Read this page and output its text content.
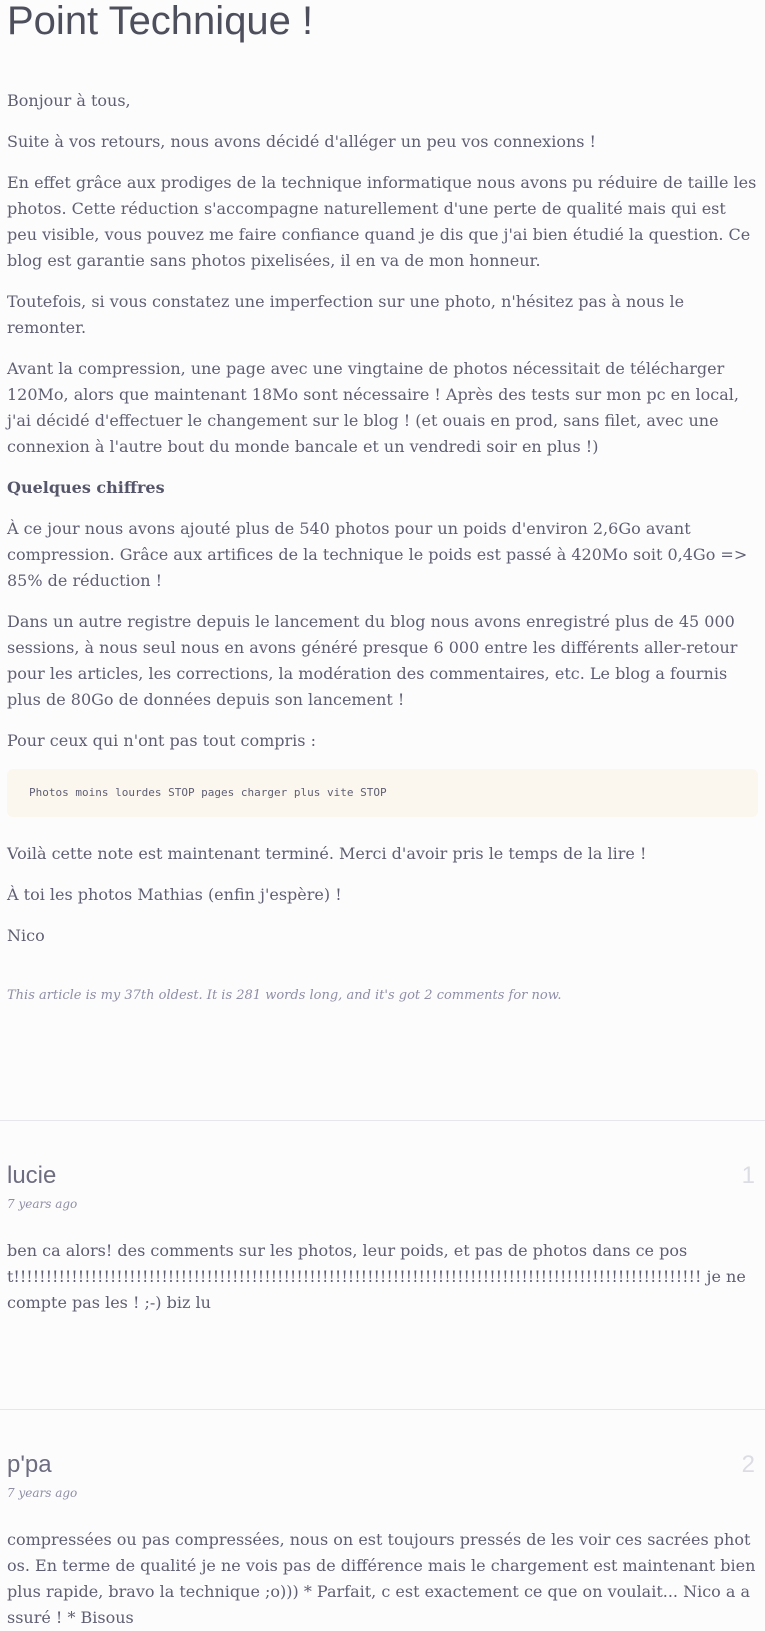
Point Technique !

Bonjour à tous,

Suite à vos retours, nous avons décidé d'alléger un peu vos connexions !

En effet grâce aux prodiges de la technique informatique nous avons pu réduire de taille les photos. Cette réduction s'accompagne naturellement d'une perte de qualité mais qui est peu visible, vous pouvez me faire confiance quand je dis que j'ai bien étudié la question. Ce blog est garantie sans photos pixelisées, il en va de mon honneur.

Toutefois, si vous constatez une imperfection sur une photo, n'hésitez pas à nous le remonter.

Avant la compression, une page avec une vingtaine de photos nécessitait de télécharger 120Mo, alors que maintenant 18Mo sont nécessaire ! Après des tests sur mon pc en local, j'ai décidé d'effectuer le changement sur le blog ! (et ouais en prod, sans filet, avec une connexion à l'autre bout du monde bancale et un vendredi soir en plus !)

Quelques chiffres

À ce jour nous avons ajouté plus de 540 photos pour un poids d'environ 2,6Go avant compression. Grâce aux artifices de la technique le poids est passé à 420Mo soit 0,4Go => 85% de réduction !

Dans un autre registre depuis le lancement du blog nous avons enregistré plus de 45 000 sessions, à nous seul nous en avons généré presque 6 000 entre les différents aller-retour pour les articles, les corrections, la modération des commentaires, etc. Le blog a fournis plus de 80Go de données depuis son lancement !

Pour ceux qui n'ont pas tout compris :

Photos moins lourdes STOP pages charger plus vite STOP

Voilà cette note est maintenant terminé. Merci d'avoir pris le temps de la lire !

À toi les photos Mathias (enfin j'espère) !

Nico

This article is my 37th oldest. It is 281 words long, and it's got 2 comments for now.
lucie	1
7 years ago
ben ca alors! des comments sur les photos, leur poids, et pas de photos dans ce post!!!!!!!!!!!!!!!!!!!!!!!!!!!!!!!!!!!!!!!!!!!!!!!!!!!!!!!!!!!!!!!!!!!!!!!!!!!!!!!!!!!!!!!!!!!!!!!!!!!!!!!!!!! je ne compte pas les ! ;-) biz lu
p'pa	2
7 years ago
compressées ou pas compressées, nous on est toujours pressés de les voir ces sacrées photos. En terme de qualité je ne vois pas de différence mais le chargement est maintenant bien plus rapide, bravo la technique ;o))) * Parfait, c est exactement ce que on voulait... Nico a assuré ! * Bisous
